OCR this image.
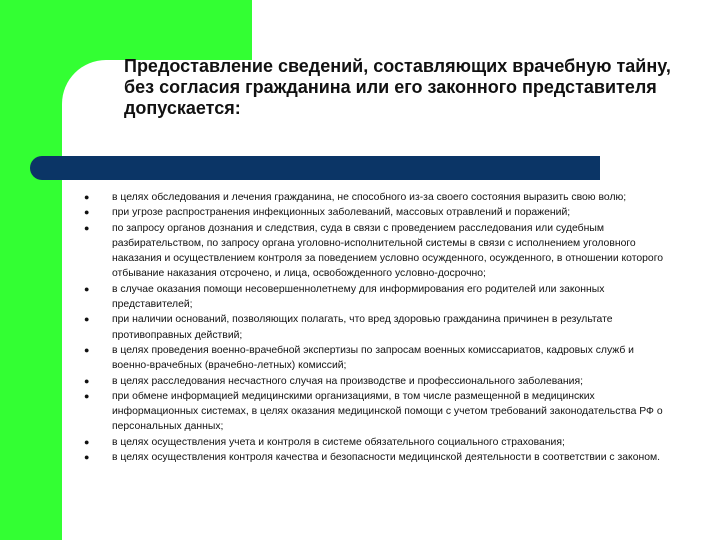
Предоставление сведений, составляющих врачебную тайну, без согласия гражданина или его законного представителя допускается:
● в целях обследования и лечения гражданина, не способного из-за своего состояния выразить свою волю;
● при угрозе распространения инфекционных заболеваний, массовых отравлений и поражений;
● по запросу органов дознания и следствия, суда в связи с проведением расследования или судебным разбирательством, по запросу органа уголовно-исполнительной системы в связи с исполнением уголовного наказания и осуществлением контроля за поведением условно осужденного, осужденного, в отношении которого отбывание наказания отсрочено, и лица, освобожденного условно-досрочно;
● в случае оказания помощи несовершеннолетнему для информирования его родителей или законных представителей;
● при наличии оснований, позволяющих полагать, что вред здоровью гражданина причинен в результате противоправных действий;
● в целях проведения военно-врачебной экспертизы по запросам военных комиссариатов, кадровых служб и военно-врачебных (врачебно-летных) комиссий;
● в целях расследования несчастного случая на производстве и профессионального заболевания;
● при обмене информацией медицинскими организациями, в том числе размещенной в медицинских информационных системах, в целях оказания медицинской помощи с учетом требований законодательства РФ о персональных данных;
● в целях осуществления учета и контроля в системе обязательного социального страхования;
● в целях осуществления контроля качества и безопасности медицинской деятельности в соответствии с законом.
